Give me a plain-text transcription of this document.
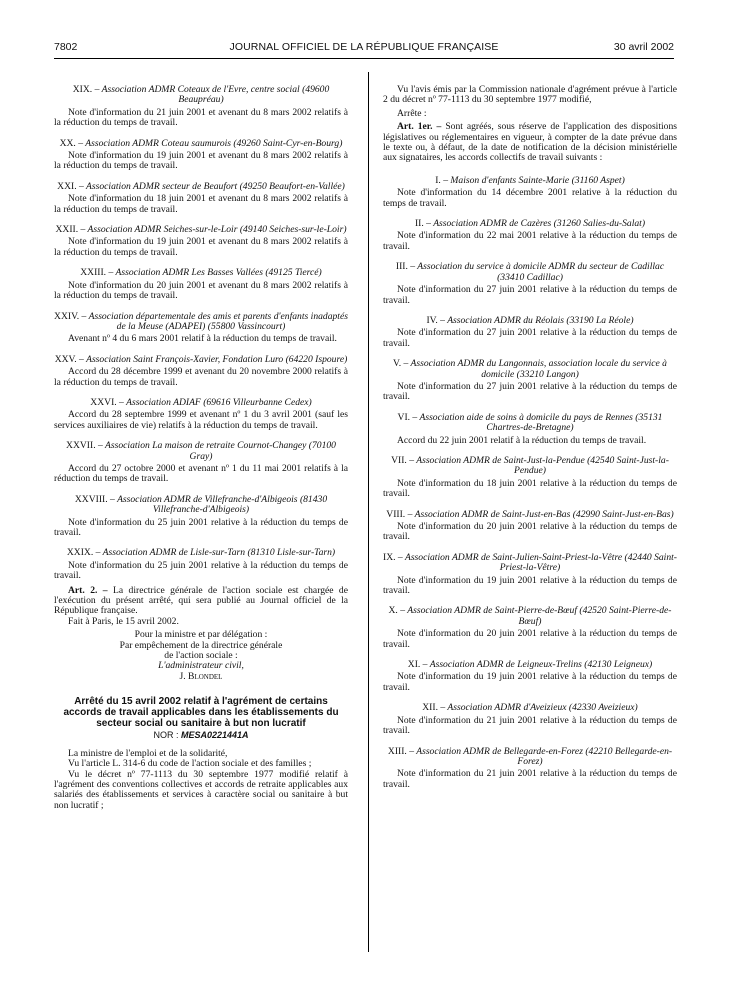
7802	JOURNAL OFFICIEL DE LA RÉPUBLIQUE FRANÇAISE	30 avril 2002

XIX. – Association ADMR Coteaux de l'Evre, centre social (49600 Beaupréau)

Note d'information du 21 juin 2001 et avenant du 8 mars 2002 relatifs à la réduction du temps de travail.

XX. – Association ADMR Coteau saumurois (49260 Saint-Cyr-en-Bourg)

Note d'information du 19 juin 2001 et avenant du 8 mars 2002 relatifs à la réduction du temps de travail.

XXI. – Association ADMR secteur de Beaufort (49250 Beaufort-en-Vallée)

Note d'information du 18 juin 2001 et avenant du 8 mars 2002 relatifs à la réduction du temps de travail.

XXII. – Association ADMR Seiches-sur-le-Loir (49140 Seiches-sur-le-Loir)

Note d'information du 19 juin 2001 et avenant du 8 mars 2002 relatifs à la réduction du temps de travail.

XXIII. – Association ADMR Les Basses Vallées (49125 Tiercé)

Note d'information du 20 juin 2001 et avenant du 8 mars 2002 relatifs à la réduction du temps de travail.

XXIV. – Association départementale des amis et parents d'enfants inadaptés de la Meuse (ADAPEI) (55800 Vassincourt)

Avenant nº 4 du 6 mars 2001 relatif à la réduction du temps de travail.

XXV. – Association Saint François-Xavier, Fondation Luro (64220 Ispoure)

Accord du 28 décembre 1999 et avenant du 20 novembre 2000 relatifs à la réduction du temps de travail.

XXVI. – Association ADIAF (69616 Villeurbanne Cedex)

Accord du 28 septembre 1999 et avenant nº 1 du 3 avril 2001 (sauf les services auxiliaires de vie) relatifs à la réduction du temps de travail.

XXVII. – Association La maison de retraite Cournot-Changey (70100 Gray)

Accord du 27 octobre 2000 et avenant nº 1 du 11 mai 2001 relatifs à la réduction du temps de travail.

XXVIII. – Association ADMR de Villefranche-d'Albigeois (81430 Villefranche-d'Albigeois)

Note d'information du 25 juin 2001 relative à la réduction du temps de travail.

XXIX. – Association ADMR de Lisle-sur-Tarn (81310 Lisle-sur-Tarn)

Note d'information du 25 juin 2001 relative à la réduction du temps de travail.

Art. 2. – La directrice générale de l'action sociale est chargée de l'exécution du présent arrêté, qui sera publié au Journal officiel de la République française.

Fait à Paris, le 15 avril 2002.

Pour la ministre et par délégation :

Par empêchement de la directrice générale

de l'action sociale :

L'administrateur civil,

J. Blondel

Arrêté du 15 avril 2002 relatif à l'agrément de certains accords de travail applicables dans les établissements du secteur social ou sanitaire à but non lucratif

NOR : MESA0221441A

La ministre de l'emploi et de la solidarité,

Vu l'article L. 314-6 du code de l'action sociale et des familles ;

Vu le décret nº 77-1113 du 30 septembre 1977 modifié relatif à l'agrément des conventions collectives et accords de retraite applicables aux salariés des établissements et services à caractère social ou sanitaire à but non lucratif ;

Vu l'avis émis par la Commission nationale d'agrément prévue à l'article 2 du décret nº 77-1113 du 30 septembre 1977 modifié,

Arrête :

Art. 1er. – Sont agréés, sous réserve de l'application des dispositions législatives ou réglementaires en vigueur, à compter de la date prévue dans le texte ou, à défaut, de la date de notification de la décision ministérielle aux signataires, les accords collectifs de travail suivants :

I. – Maison d'enfants Sainte-Marie (31160 Aspet)

Note d'information du 14 décembre 2001 relative à la réduction du temps de travail.

II. – Association ADMR de Cazères (31260 Salies-du-Salat)

Note d'information du 22 mai 2001 relative à la réduction du temps de travail.

III. – Association du service à domicile ADMR du secteur de Cadillac (33410 Cadillac)

Note d'information du 27 juin 2001 relative à la réduction du temps de travail.

IV. – Association ADMR du Réolais (33190 La Réole)

Note d'information du 27 juin 2001 relative à la réduction du temps de travail.

V. – Association ADMR du Langonnais, association locale du service à domicile (33210 Langon)

Note d'information du 27 juin 2001 relative à la réduction du temps de travail.

VI. – Association aide de soins à domicile du pays de Rennes (35131 Chartres-de-Bretagne)

Accord du 22 juin 2001 relatif à la réduction du temps de travail.

VII. – Association ADMR de Saint-Just-la-Pendue (42540 Saint-Just-la-Pendue)

Note d'information du 18 juin 2001 relative à la réduction du temps de travail.

VIII. – Association ADMR de Saint-Just-en-Bas (42990 Saint-Just-en-Bas)

Note d'information du 20 juin 2001 relative à la réduction du temps de travail.

IX. – Association ADMR de Saint-Julien-Saint-Priest-la-Vêtre (42440 Saint-Priest-la-Vêtre)

Note d'information du 19 juin 2001 relative à la réduction du temps de travail.

X. – Association ADMR de Saint-Pierre-de-Bœuf (42520 Saint-Pierre-de-Bœuf)

Note d'information du 20 juin 2001 relative à la réduction du temps de travail.

XI. – Association ADMR de Leigneux-Trelins (42130 Leigneux)

Note d'information du 19 juin 2001 relative à la réduction du temps de travail.

XII. – Association ADMR d'Aveizieux (42330 Aveizieux)

Note d'information du 21 juin 2001 relative à la réduction du temps de travail.

XIII. – Association ADMR de Bellegarde-en-Forez (42210 Bellegarde-en-Forez)

Note d'information du 21 juin 2001 relative à la réduction du temps de travail.
